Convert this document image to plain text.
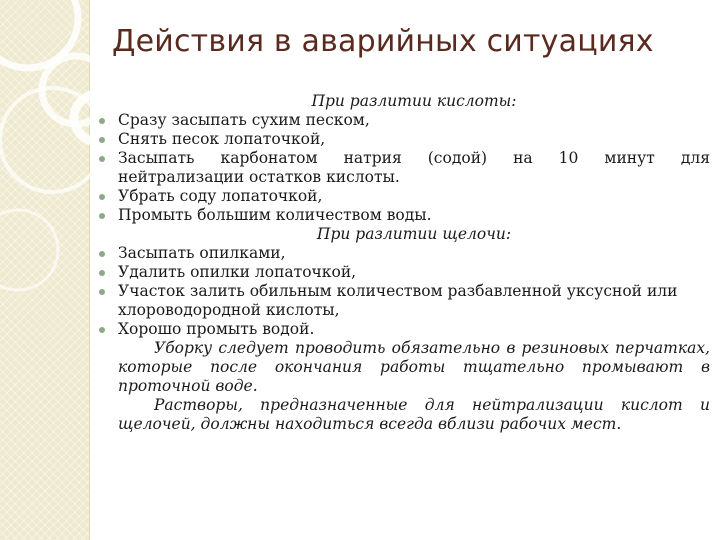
Действия в аварийных ситуациях
При разлитии кислоты:
Сразу засыпать сухим песком,
Снять песок лопаточкой,
Засыпать карбонатом натрия (содой) на 10 минут для
нейтрализации остатков кислоты.
Убрать соду лопаточкой,
Промыть большим количеством воды.
При разлитии щелочи:
Засыпать опилками,
Удалить опилки лопаточкой,
Участок залить обильным количеством разбавленной уксусной или
хлороводородной кислоты,
Хорошо промыть водой.
Уборку следует проводить обязательно в резиновых перчатках, которые после окончания работы тщательно промывают в проточной воде.
Растворы, предназначенные для нейтрализации кислот и щелочей, должны находиться всегда вблизи рабочих мест.
